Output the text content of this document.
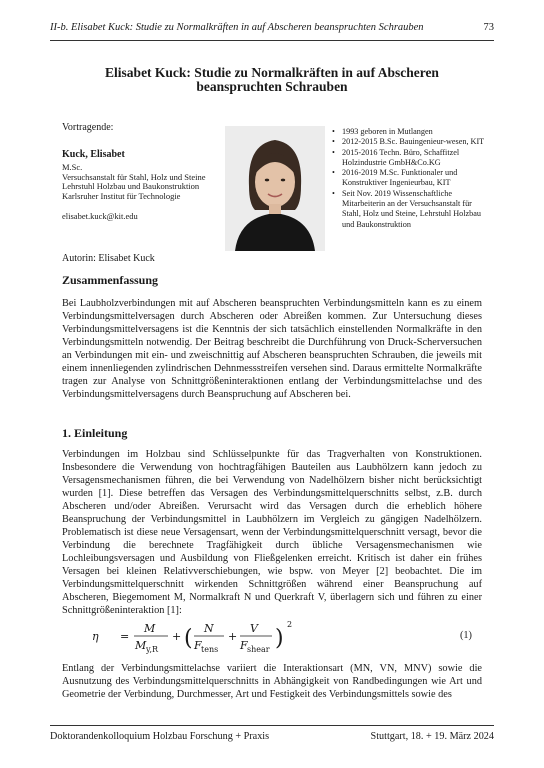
II-b. Elisabet Kuck: Studie zu Normalkräften in auf Abscheren beanspruchten Schrauben	73
Elisabet Kuck: Studie zu Normalkräften in auf Abscheren
beanspruchten Schrauben
Vortragende:
Kuck, Elisabet
M.Sc.
Versuchsanstalt für Stahl, Holz und Steine
Lehrstuhl Holzbau und Baukonstruktion
Karlsruher Institut für Technologie
elisabet.kuck@kit.edu
• 1993 geboren in Mutlangen
• 2012-2015 B.Sc. Bauingenieur-wesen, KIT
• 2015-2016 Techn. Büro, Schaffitzel Holzindustrie GmbH&Co.KG
• 2016-2019 M.Sc. Funktionaler und Konstruktiver Ingenieurbau, KIT
• Seit Nov. 2019 Wissenschaftliche Mitarbeiterin an der Versuchsanstalt für Stahl, Holz und Steine, Lehrstuhl Holzbau und Baukonstruktion
Autorin: Elisabet Kuck
Zusammenfassung
Bei Laubholzverbindungen mit auf Abscheren beanspruchten Verbindungsmitteln kann es zu einem Verbindungsmittelversagen durch Abscheren oder Abreißen kommen. Zur Untersuchung dieses Verbindungsmittelversagens ist die Kenntnis der sich tatsächlich einstellenden Normalkräfte in den Verbindungsmitteln notwendig. Der Beitrag beschreibt die Durchführung von Druck-Scherversuchen an Verbindungen mit ein- und zweischnittig auf Abscheren beanspruchten Schrauben, die jeweils mit einem innenliegenden zylindrischen Dehnmessstreifen versehen sind. Daraus ermittelte Normalkräfte tragen zur Analyse von Schnittgrößeninteraktionen entlang der Verbindungsmittelachse und des Verbindungsmittelversagens durch Beanspruchung auf Abscheren bei.
1. Einleitung
Verbindungen im Holzbau sind Schlüsselpunkte für das Tragverhalten von Konstruktionen. Insbesondere die Verwendung von hochtragfähigen Bauteilen aus Laubhölzern kann jedoch zu Versagensmechanismen führen, die bei Verwendung von Nadelhölzern bisher nicht berücksichtigt wurden [1]. Diese betreffen das Versagen des Verbindungsmittelquerschnitts selbst, z.B. durch Abscheren und/oder Abreißen. Verursacht wird das Versagen durch die erheblich höhere Beanspruchung der Verbindungsmittel in Laubhölzern im Vergleich zu gängigen Nadelhölzern. Problematisch ist diese neue Versagensart, wenn der Verbindungsmittelquerschnitt versagt, bevor die Verbindung die berechnete Tragfähigkeit durch übliche Versagensmechanismen wie Lochleibungsversagen und Ausbildung von Fließgelenken erreicht. Kritisch ist daher ein frühes Versagen bei kleinen Relativverschiebungen, wie bspw. von Meyer [2] beobachtet. Die im Verbindungsmittelquerschnitt wirkenden Schnittgrößen während einer Beanspruchung auf Abscheren, Biegemoment M, Normalkraft N und Querkraft V, überlagern sich und führen zu einer Schnittgrößeninteraktion [1]:
η =
M
M y,R
+ ( N
F tens
+
V
F shear )
2
(1)
Entlang der Verbindungsmittelachse variiert die Interaktionsart (MN, VN, MNV) sowie die Ausnutzung des Verbindungsmittelquerschnitts in Abhängigkeit von Randbedingungen wie Art und Geometrie der Verbindung, Durchmesser, Art und Festigkeit des Verbindungsmittels sowie des
Doktorandenkolloquium Holzbau Forschung + Praxis	Stuttgart, 18. + 19. März 2024
